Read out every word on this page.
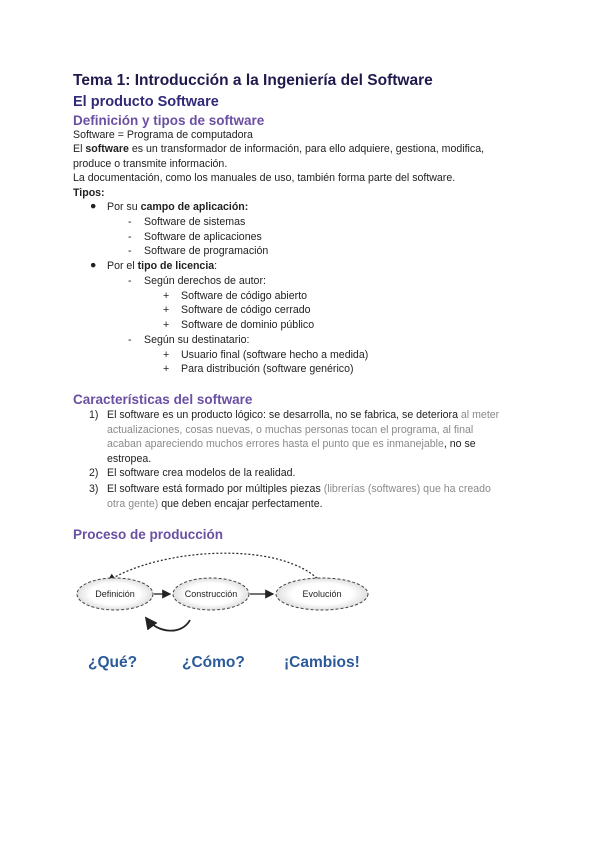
Tema 1: Introducción a la Ingeniería del Software
El producto Software
Definición y tipos de software
Software = Programa de computadora
El software es un transformador de información, para ello adquiere, gestiona, modifica,
produce o transmite información.
La documentación, como los manuales de uso, también forma parte del software.
Tipos:
● Por su campo de aplicación:
- Software de sistemas
- Software de aplicaciones
- Software de programación
● Por el tipo de licencia:
- Según derechos de autor:
+ Software de código abierto
+ Software de código cerrado
+ Software de dominio público
- Según su destinatario:
+ Usuario final (software hecho a medida)
+ Para distribución (software genérico)
Características del software
1) El software es un producto lógico: se desarrolla, no se fabrica, se deteriora al meter
actualizaciones, cosas nuevas, o muchas personas tocan el programa, al final
acaban apareciendo muchos errores hasta el punto que es inmanejable, no se
estropea.
2) El software crea modelos de la realidad.
3) El software está formado por múltiples piezas (librerías (softwares) que ha creado
otra gente) que deben encajar perfectamente.
Proceso de producción
Definición	Construcción	Evolución
¿Qué?	¿Cómo?	¡Cambios!
